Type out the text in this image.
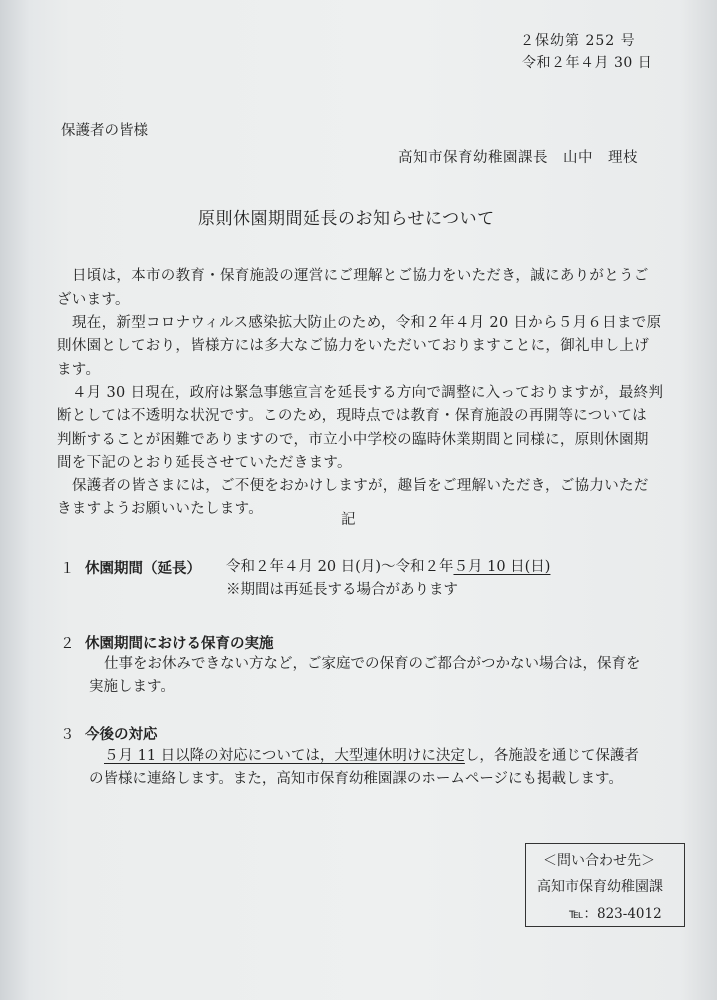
２保幼第 252 号
令和２年４月 30 日
保護者の皆様
高知市保育幼稚園課長　山中　理枝
原則休園期間延長のお知らせについて
日頃は，本市の教育・保育施設の運営にご理解とご協力をいただき，誠にありがとうご
ざいます。
現在，新型コロナウィルス感染拡大防止のため，令和２年４月 20 日から５月６日まで原
則休園としており，皆様方には多大なご協力をいただいておりますことに，御礼申し上げ
ます。
４月 30 日現在，政府は緊急事態宣言を延長する方向で調整に入っておりますが，最終判
断としては不透明な状況です。このため，現時点では教育・保育施設の再開等については
判断することが困難でありますので，市立小中学校の臨時休業期間と同様に，原則休園期
間を下記のとおり延長させていただきます。
保護者の皆さまには，ご不便をおかけしますが，趣旨をご理解いただき，ご協力いただ
きますようお願いいたします。
記
１ 休園期間（延長） 令和２年４月 20 日(月)～令和２年５月 10 日(日)
※期間は再延長する場合があります
２ 休園期間における保育の実施
仕事をお休みできない方など，ご家庭での保育のご都合がつかない場合は，保育を
実施します。
３ 今後の対応
５月 11 日以降の対応については，大型連休明けに決定し，各施設を通じて保護者
の皆様に連絡します。また，高知市保育幼稚園課のホームページにも掲載します。
＜問い合わせ先＞
高知市保育幼稚園課
℡：823-4012
